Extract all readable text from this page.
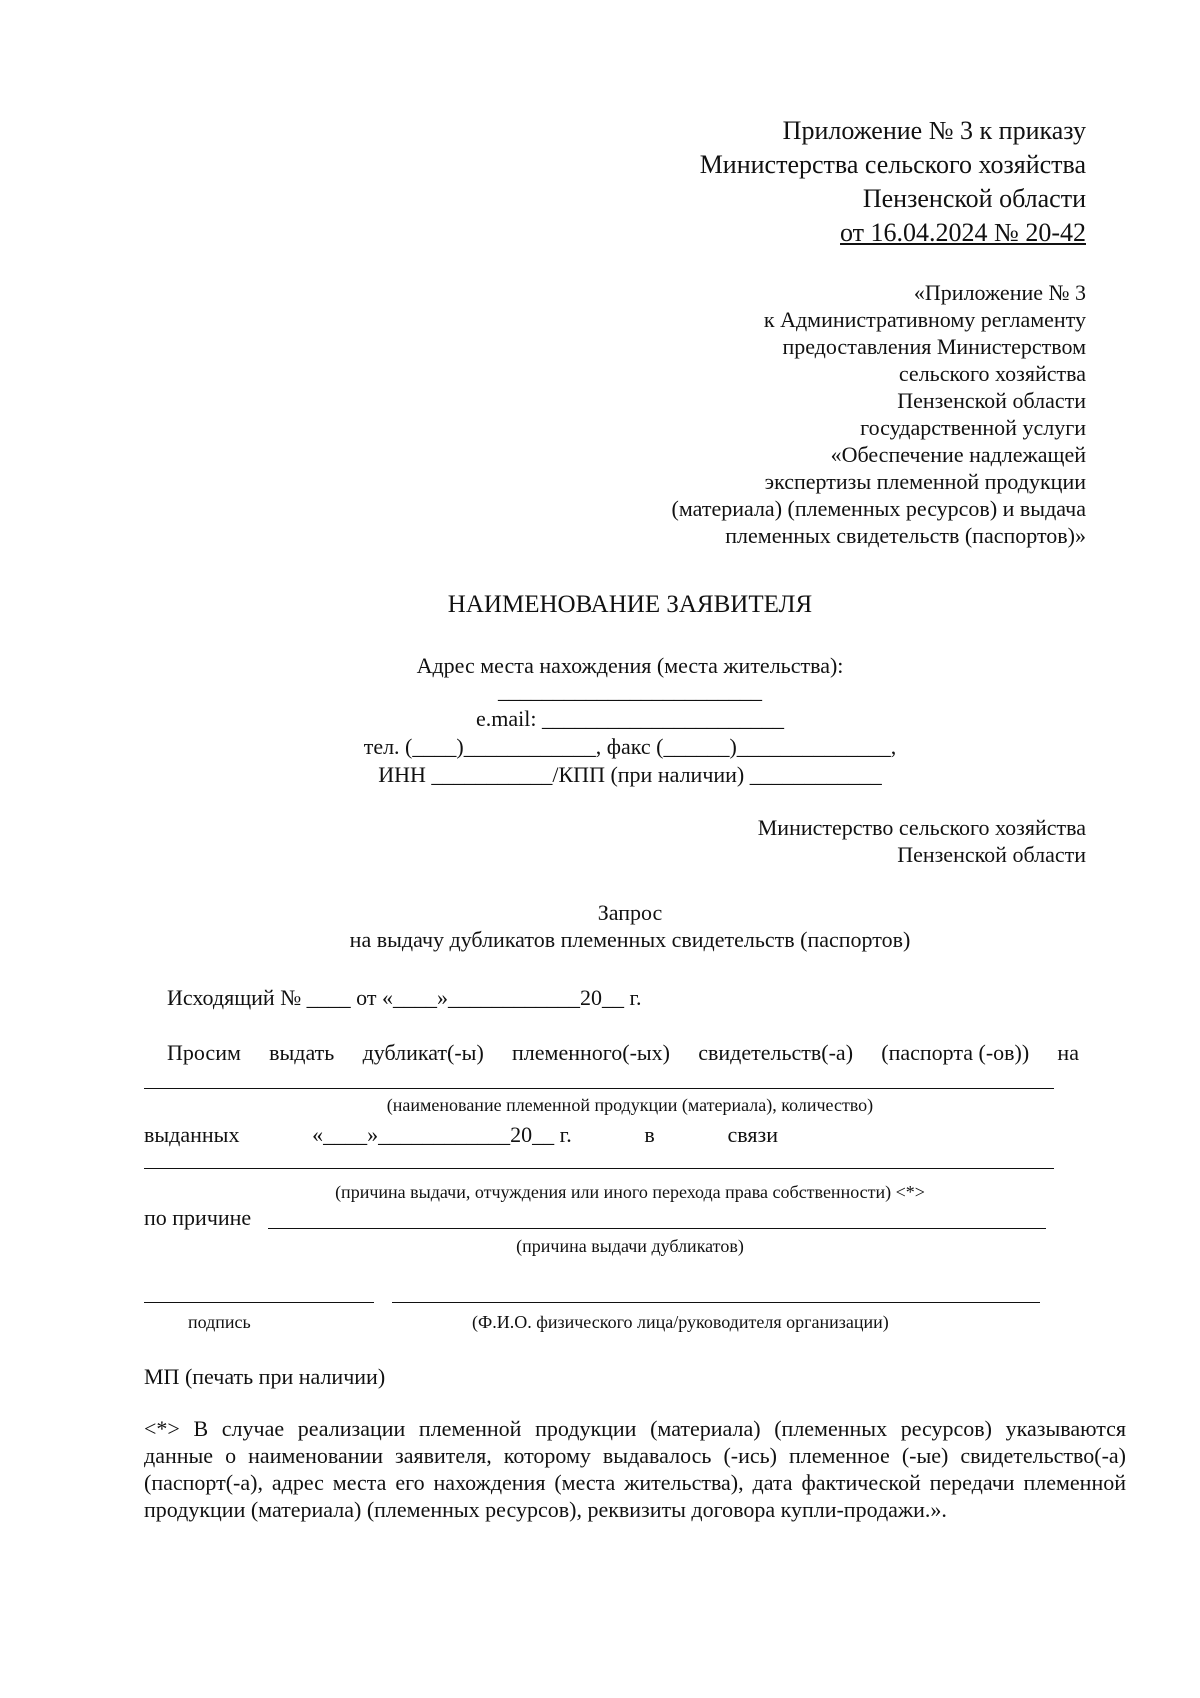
Приложение № 3 к приказу
Министерства сельского хозяйства
Пензенской области
от 16.04.2024 № 20-42
«Приложение № 3
к Административному регламенту
предоставления Министерством
сельского хозяйства
Пензенской области
государственной услуги
«Обеспечение надлежащей
экспертизы племенной продукции
(материала) (племенных ресурсов) и выдача
племенных свидетельств (паспортов)»
НАИМЕНОВАНИЕ ЗАЯВИТЕЛЯ
Адрес места нахождения (места жительства):
________________________
e.mail: ______________________
тел. (____)____________, факс (______)______________,
ИНН ___________/КПП (при наличии) ____________
Министерство сельского хозяйства
Пензенской области
Запрос
на выдачу дубликатов племенных свидетельств (паспортов)
Исходящий № ____ от «____»____________20__ г.
Просим выдать дубликат(-ы) племенного(-ых) свидетельств(-а) (паспорта (-ов)) на
(наименование племенной продукции (материала), количество)
выданных	«____»____________20__ г.	в	связи
(причина выдачи, отчуждения или иного перехода права собственности) <*>
по причине
(причина выдачи дубликатов)
подпись	(Ф.И.О. физического лица/руководителя организации)
МП (печать при наличии)
<*> В случае реализации племенной продукции (материала) (племенных ресурсов) указываются данные о наименовании заявителя, которому выдавалось (-ись) племенное (-ые) свидетельство(-а) (паспорт(-а), адрес места его нахождения (места жительства), дата фактической передачи племенной продукции (материала) (племенных ресурсов), реквизиты договора купли-продажи.».
